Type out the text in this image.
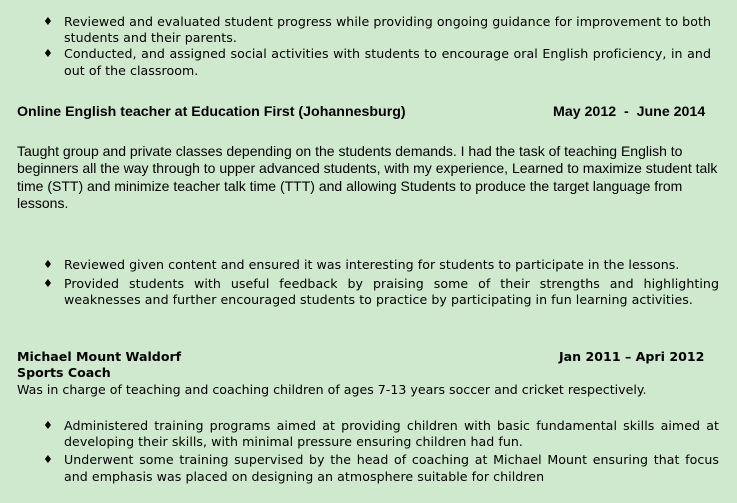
♦ Reviewed and evaluated student progress while providing ongoing guidance for improvement to both students and their parents.
♦ Conducted, and assigned social activities with students to encourage oral English proficiency, in and out of the classroom.
Online English teacher at Education First (Johannesburg)	May 2012  -  June 2014
Taught group and private classes depending on the students demands. I had the task of teaching English to beginners all the way through to upper advanced students, with my experience, Learned to maximize student talk time (STT) and minimize teacher talk time (TTT) and allowing Students to produce the target language from lessons.
♦ Reviewed given content and ensured it was interesting for students to participate in the lessons.
♦ Provided students with useful feedback by praising some of their strengths and highlighting weaknesses and further encouraged students to practice by participating in fun learning activities.
Michael Mount Waldorf	Jan 2011 – Apri 2012
Sports Coach
Was in charge of teaching and coaching children of ages 7-13 years soccer and cricket respectively.
♦ Administered training programs aimed at providing children with basic fundamental skills aimed at developing their skills, with minimal pressure ensuring children had fun.
♦ Underwent some training supervised by the head of coaching at Michael Mount ensuring that focus and emphasis was placed on designing an atmosphere suitable for children
